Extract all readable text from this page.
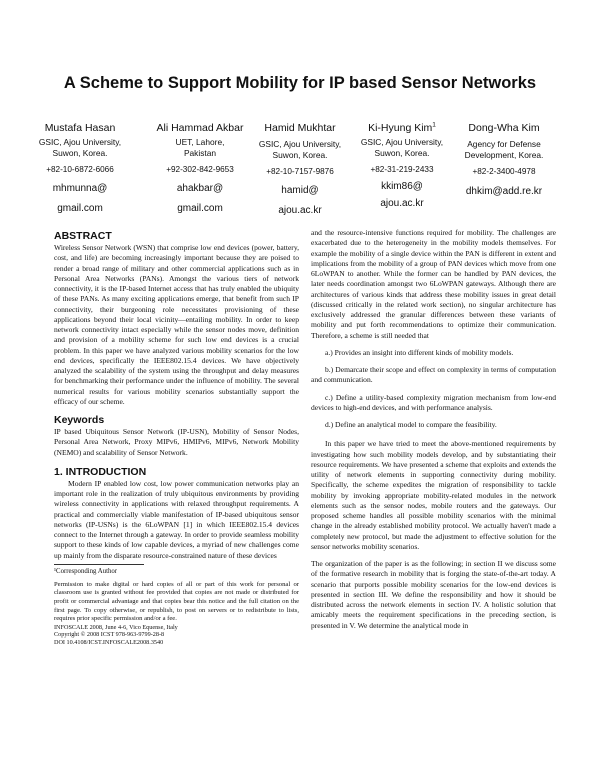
A Scheme to Support Mobility for IP based Sensor Networks
Mustafa Hasan
GSIC, Ajou University, Suwon, Korea.
+82-10-6872-6066
mhmunna@
gmail.com
Ali Hammad Akbar
UET, Lahore, Pakistan
+92-302-842-9653
ahakbar@
gmail.com
Hamid Mukhtar
GSIC, Ajou University, Suwon, Korea.
+82-10-7157-9876
hamid@
ajou.ac.kr
Ki-Hyung Kim$^1$
GSIC, Ajou University, Suwon, Korea.
+82-31-219-2433
kkim86@
ajou.ac.kr
Dong-Wha Kim
Agency for Defense Development, Korea.
+82-2-3400-4978
dhkim@add.re.kr
ABSTRACT

Wireless Sensor Network (WSN) that comprise low end devices (power, battery, cost, and life) are becoming increasingly important because they are poised to render a broad range of military and other commercial applications such as in Personal Area Networks (PANs). Amongst the various tiers of network connectivity, it is the IP-based Internet access that has truly enabled the ubiquity of these PANs. As many exciting applications emerge, that benefit from such IP connectivity, their burgeoning role necessitates provisioning of these applications beyond their local vicinity—entailing mobility. In order to keep network connectivity intact especially while the sensor nodes move, definition and provision of a mobility scheme for such low end devices is a crucial problem. In this paper we have analyzed various mobility scenarios for the low end devices, specifically the IEEE802.15.4 devices. We have objectively analyzed the scalability of the system using the throughput and delay measures for benchmarking their performance under the influence of mobility. The several numerical results for various mobility scenarios substantially support the efficacy of our scheme.

Keywords

IP based Ubiquitous Sensor Network (IP-USN), Mobility of Sensor Nodes, Personal Area Network, Proxy MIPv6, HMIPv6, MIPv6, Network Mobility (NEMO) and scalability of Sensor Network.

1. INTRODUCTION

Modern IP enabled low cost, low power communication networks play an important role in the realization of truly ubiquitous environments by providing wireless connectivity in applications with relaxed throughput requirements. A practical and commercially viable manifestation of IP-based ubiquitous sensor networks (IP-USNs) is the 6LoWPAN [1] in which IEEE802.15.4 devices connect to the Internet through a gateway. In order to provide seamless mobility support to these kinds of low capable devices, a myriad of new challenges come up mainly from the disparate resource-constrained nature of these devices

¹Corresponding Author

Permission to make digital or hard copies of all or part of this work for personal or classroom use is granted without fee provided that copies are not made or distributed for profit or commercial advantage and that copies bear this notice and the full citation on the first page. To copy otherwise, or republish, to post on servers or to redistribute to lists, requires prior specific permission and/or a fee.

INFOSCALE 2008, June 4-6, Vico Equense, Italy

Copyright © 2008 ICST 978-963-9799-28-8

DOI 10.4108/ICST.INFOSCALE2008.3540

and the resource-intensive functions required for mobility. The challenges are exacerbated due to the heterogeneity in the mobility models themselves. For example the mobility of a single device within the PAN is different in extent and implications from the mobility of a group of PAN devices which move from one 6LoWPAN to another. While the former can be handled by PAN devices, the later needs coordination amongst two 6LoWPAN gateways. Although there are architectures of various kinds that address these mobility issues in great detail (discussed critically in the related work section), no singular architecture has exclusively addressed the granular differences between these variants of mobility and put forth recommendations to optimize their communication. Therefore, a scheme is still needed that

a.) Provides an insight into different kinds of mobility models.

b.) Demarcate their scope and effect on complexity in terms of computation and communication.

c.) Define a utility-based complexity migration mechanism from low-end devices to high-end devices, and with performance analysis.

d.) Define an analytical model to compare the feasibility.

In this paper we have tried to meet the above-mentioned requirements by investigating how such mobility models develop, and by substantiating their resource requirements. We have presented a scheme that exploits and extends the utility of network elements in supporting connectivity during mobility. Specifically, the scheme expedites the migration of responsibility to tackle mobility by invoking appropriate mobility-related modules in the network elements such as the sensor nodes, mobile routers and the gateways. Our proposed scheme handles all possible mobility scenarios with the minimal change in the already established mobility protocol. We actually haven't made a completely new protocol, but made the adjustment to effective solution for the sensor networks mobility scenarios.

The organization of the paper is as the following; in section II we discuss some of the formative research in mobility that is forging the state-of-the-art today. A scenario that purports possible mobility scenarios for the low-end devices is presented in section III. We define the responsibility and how it should be distributed across the network elements in section IV. A holistic solution that amicably meets the requirement specifications in the preceding section, is presented in V. We determine the analytical mode in
